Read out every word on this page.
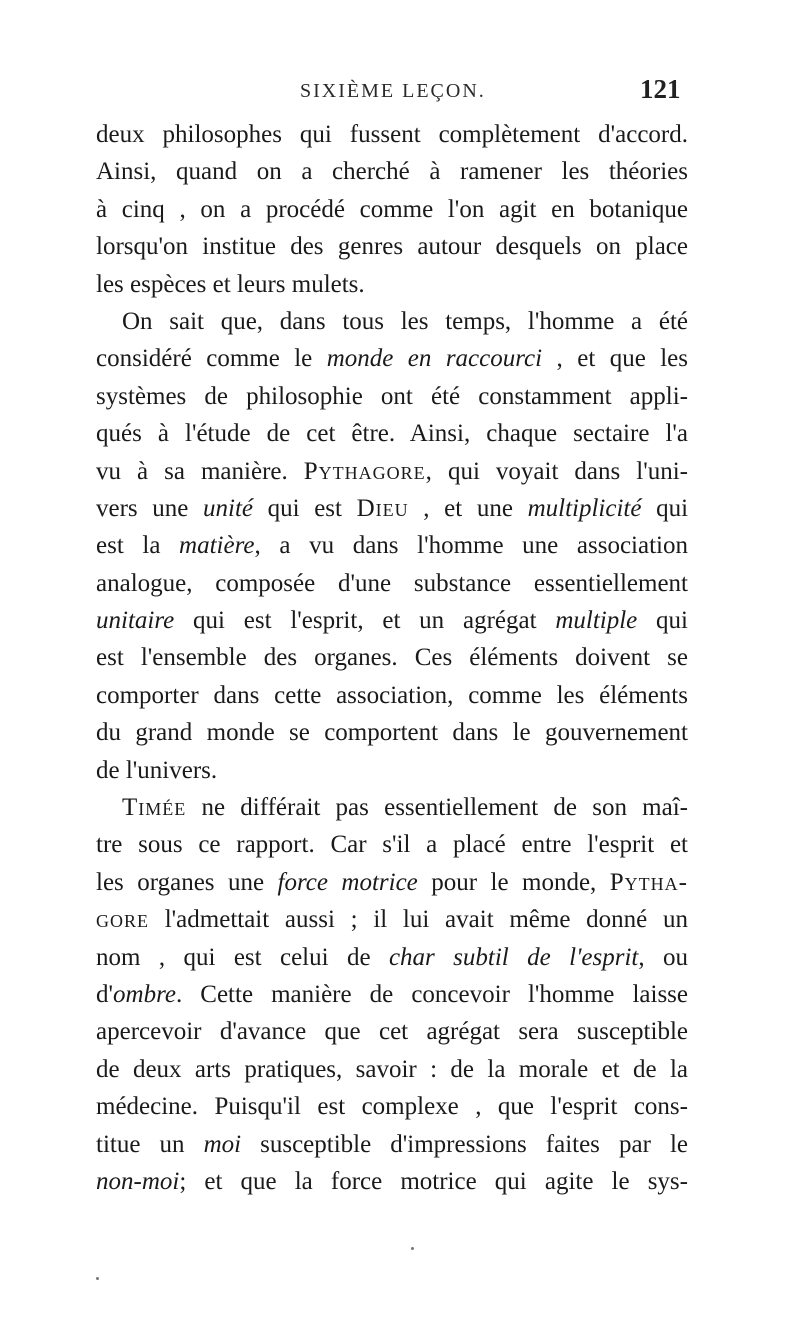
SIXIÈME LEÇON.	121
deux philosophes qui fussent complètement d'accord.
Ainsi, quand on a cherché à ramener les théories
à cinq , on a procédé comme l'on agit en botanique
lorsqu'on institue des genres autour desquels on place
les espèces et leurs mulets.
On sait que, dans tous les temps, l'homme a été
considéré comme le monde en raccourci , et que les
systèmes de philosophie ont été constamment appli-
qués à l'étude de cet être. Ainsi, chaque sectaire l'a
vu à sa manière. Pythagore, qui voyait dans l'uni-
vers une unité qui est Dieu , et une multiplicité qui
est la matière, a vu dans l'homme une association
analogue, composée d'une substance essentiellement
unitaire qui est l'esprit, et un agrégat multiple qui
est l'ensemble des organes. Ces éléments doivent se
comporter dans cette association, comme les éléments
du grand monde se comportent dans le gouvernement
de l'univers.
Timée ne différait pas essentiellement de son maî-
tre sous ce rapport. Car s'il a placé entre l'esprit et
les organes une force motrice pour le monde, Pytha-
gore l'admettait aussi ; il lui avait même donné un
nom , qui est celui de char subtil de l'esprit, ou
d'ombre. Cette manière de concevoir l'homme laisse
apercevoir d'avance que cet agrégat sera susceptible
de deux arts pratiques, savoir : de la morale et de la
médecine. Puisqu'il est complexe , que l'esprit cons-
titue un moi susceptible d'impressions faites par le
non-moi; et que la force motrice qui agite le sys-
